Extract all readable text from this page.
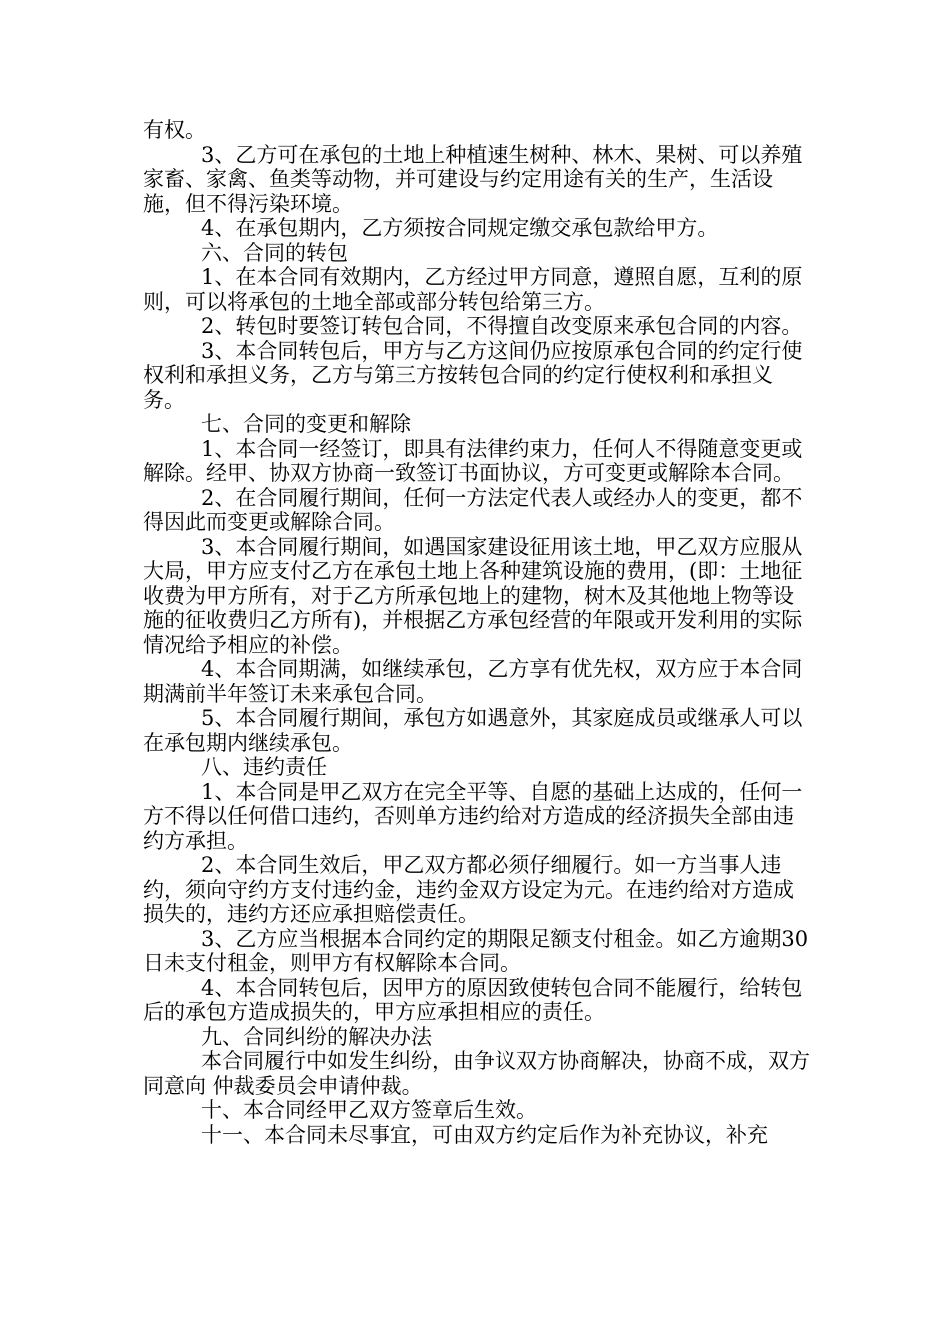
有权。

3、乙方可在承包的土地上种植速生树种、林木、果树、可以养殖家畜、家禽、鱼类等动物，并可建设与约定用途有关的生产，生活设施，但不得污染环境。

4、在承包期内，乙方须按合同规定缴交承包款给甲方。

六、合同的转包

1、在本合同有效期内，乙方经过甲方同意，遵照自愿，互利的原则，可以将承包的土地全部或部分转包给第三方。

2、转包时要签订转包合同，不得擅自改变原来承包合同的内容。

3、本合同转包后，甲方与乙方这间仍应按原承包合同的约定行使权利和承担义务，乙方与第三方按转包合同的约定行使权利和承担义务。

七、合同的变更和解除

1、本合同一经签订，即具有法律约束力，任何人不得随意变更或解除。经甲、协双方协商一致签订书面协议，方可变更或解除本合同。

2、在合同履行期间，任何一方法定代表人或经办人的变更，都不得因此而变更或解除合同。

3、本合同履行期间，如遇国家建设征用该土地，甲乙双方应服从大局，甲方应支付乙方在承包土地上各种建筑设施的费用，(即：土地征收费为甲方所有，对于乙方所承包地上的建物，树木及其他地上物等设施的征收费归乙方所有)，并根据乙方承包经营的年限或开发利用的实际情况给予相应的补偿。

4、本合同期满，如继续承包，乙方享有优先权，双方应于本合同期满前半年签订未来承包合同。

5、本合同履行期间，承包方如遇意外，其家庭成员或继承人可以在承包期内继续承包。

八、违约责任

1、本合同是甲乙双方在完全平等、自愿的基础上达成的，任何一方不得以任何借口违约，否则单方违约给对方造成的经济损失全部由违约方承担。

2、本合同生效后，甲乙双方都必须仔细履行。如一方当事人违约，须向守约方支付违约金，违约金双方设定为元。在违约给对方造成损失的，违约方还应承担赔偿责任。

3、乙方应当根据本合同约定的期限足额支付租金。如乙方逾期30日未支付租金，则甲方有权解除本合同。

4、本合同转包后，因甲方的原因致使转包合同不能履行，给转包后的承包方造成损失的，甲方应承担相应的责任。

九、合同纠纷的解决办法

本合同履行中如发生纠纷，由争议双方协商解决，协商不成，双方同意向 仲裁委员会申请仲裁。

十、本合同经甲乙双方签章后生效。

十一、本合同未尽事宜，可由双方约定后作为补充协议，补充
